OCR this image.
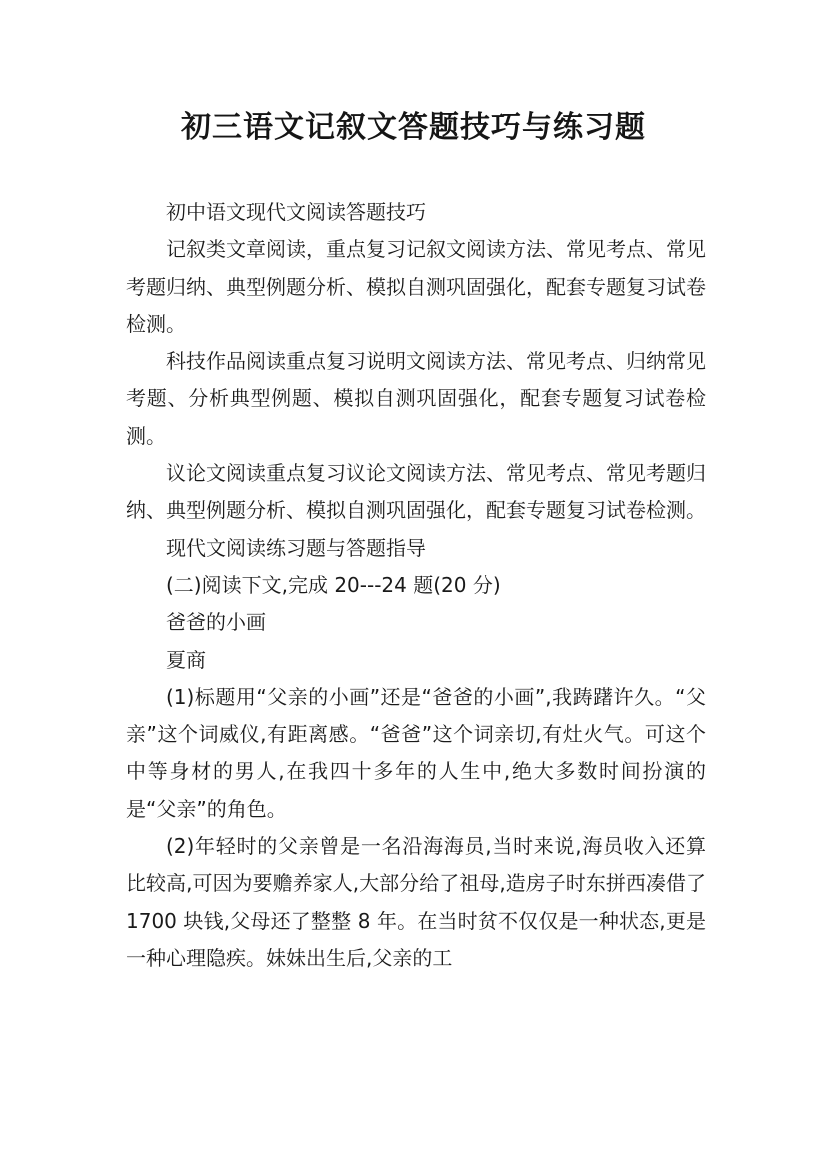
初三语文记叙文答题技巧与练习题

初中语文现代文阅读答题技巧

记叙类文章阅读，重点复习记叙文阅读方法、常见考点、常见考题归纳、典型例题分析、模拟自测巩固强化，配套专题复习试卷检测。

科技作品阅读重点复习说明文阅读方法、常见考点、归纳常见考题、分析典型例题、模拟自测巩固强化，配套专题复习试卷检测。

议论文阅读重点复习议论文阅读方法、常见考点、常见考题归纳、典型例题分析、模拟自测巩固强化，配套专题复习试卷检测。

现代文阅读练习题与答题指导

(二)阅读下文,完成 20---24 题(20 分)

爸爸的小画

夏商

(1)标题用“父亲的小画”还是“爸爸的小画”,我踌躇许久。“父亲”这个词威仪,有距离感。“爸爸”这个词亲切,有灶火气。可这个中等身材的男人,在我四十多年的人生中,绝大多数时间扮演的是“父亲”的角色。

(2)年轻时的父亲曾是一名沿海海员,当时来说,海员收入还算比较高,可因为要赡养家人,大部分给了祖母,造房子时东拼西凑借了 1700 块钱,父母还了整整 8 年。在当时贫不仅仅是一种状态,更是一种心理隐疾。妹妹出生后,父亲的工
